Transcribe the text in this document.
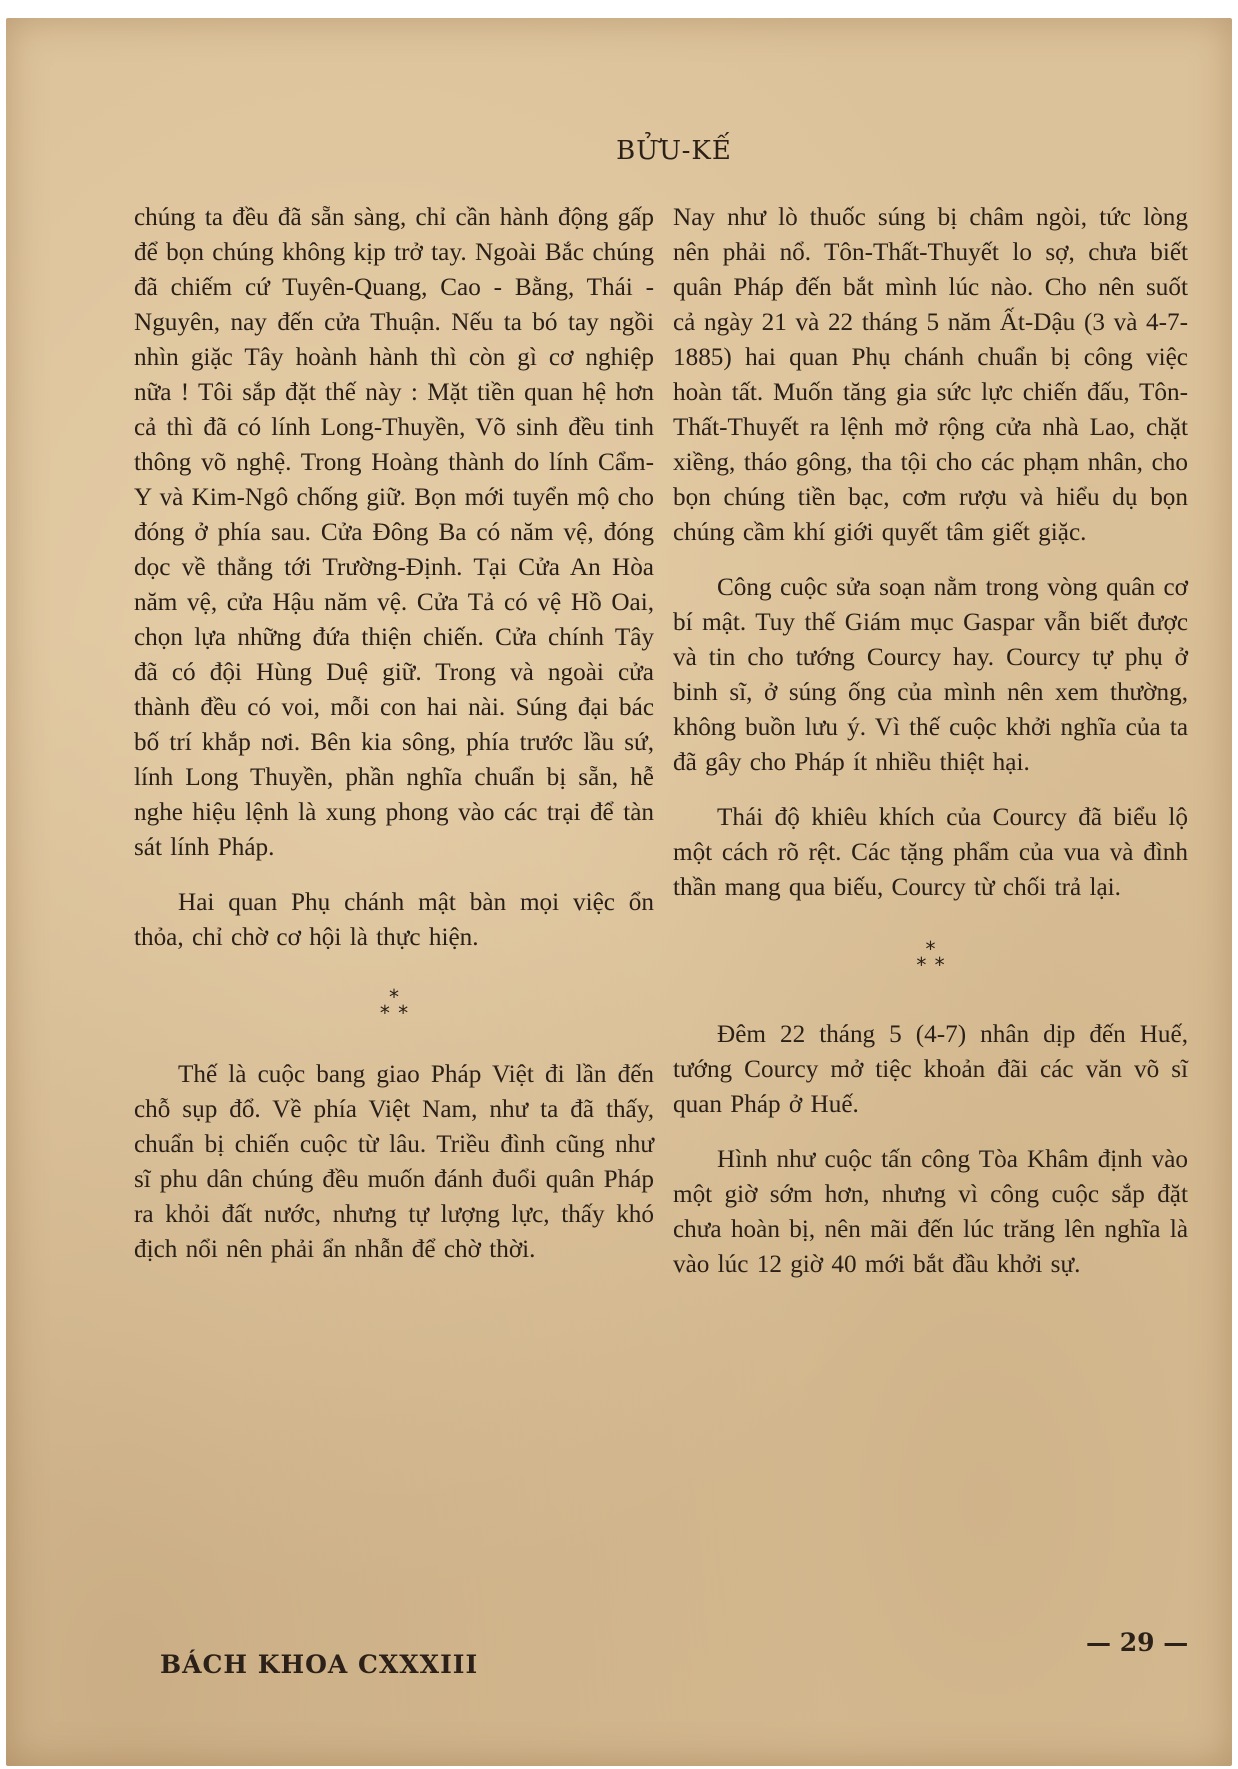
BỬU-KẾ

chúng ta đều đã sẵn sàng, chỉ cần hành động gấp để bọn chúng không kịp trở tay. Ngoài Bắc chúng đã chiếm cứ Tuyên-Quang, Cao - Bằng, Thái - Nguyên, nay đến cửa Thuận. Nếu ta bó tay ngồi nhìn giặc Tây hoành hành thì còn gì cơ nghiệp nữa ! Tôi sắp đặt thế này : Mặt tiền quan hệ hơn cả thì đã có lính Long-Thuyền, Võ sinh đều tinh thông võ nghệ. Trong Hoàng thành do lính Cẩm-Y và Kim-Ngô chống giữ. Bọn mới tuyển mộ cho đóng ở phía sau. Cửa Đông Ba có năm vệ, đóng dọc về thẳng tới Trường-Định. Tại Cửa An Hòa năm vệ, cửa Hậu năm vệ. Cửa Tả có vệ Hồ Oai, chọn lựa những đứa thiện chiến. Cửa chính Tây đã có đội Hùng Duệ giữ. Trong và ngoài cửa thành đều có voi, mỗi con hai nài. Súng đại bác bố trí khắp nơi. Bên kia sông, phía trước lầu sứ, lính Long Thuyền, phần nghĩa chuẩn bị sẵn, hễ nghe hiệu lệnh là xung phong vào các trại để tàn sát lính Pháp.

Hai quan Phụ chánh mật bàn mọi việc ổn thỏa, chỉ chờ cơ hội là thực hiện.

*
* *

Thế là cuộc bang giao Pháp Việt đi lần đến chỗ sụp đổ. Về phía Việt Nam, như ta đã thấy, chuẩn bị chiến cuộc từ lâu. Triều đình cũng như sĩ phu dân chúng đều muốn đánh đuổi quân Pháp ra khỏi đất nước, nhưng tự lượng lực, thấy khó địch nổi nên phải ẩn nhẫn để chờ thời.

Nay như lò thuốc súng bị châm ngòi, tức lòng nên phải nổ. Tôn-Thất-Thuyết lo sợ, chưa biết quân Pháp đến bắt mình lúc nào. Cho nên suốt cả ngày 21 và 22 tháng 5 năm Ất-Dậu (3 và 4-7-1885) hai quan Phụ chánh chuẩn bị công việc hoàn tất. Muốn tăng gia sức lực chiến đấu, Tôn-Thất-Thuyết ra lệnh mở rộng cửa nhà Lao, chặt xiềng, tháo gông, tha tội cho các phạm nhân, cho bọn chúng tiền bạc, cơm rượu và hiểu dụ bọn chúng cầm khí giới quyết tâm giết giặc.

Công cuộc sửa soạn nằm trong vòng quân cơ bí mật. Tuy thế Giám mục Gaspar vẫn biết được và tin cho tướng Courcy hay. Courcy tự phụ ở binh sĩ, ở súng ống của mình nên xem thường, không buồn lưu ý. Vì thế cuộc khởi nghĩa của ta đã gây cho Pháp ít nhiều thiệt hại.

Thái độ khiêu khích của Courcy đã biểu lộ một cách rõ rệt. Các tặng phẩm của vua và đình thần mang qua biếu, Courcy từ chối trả lại.

*
* *

Đêm 22 tháng 5 (4-7) nhân dịp đến Huế, tướng Courcy mở tiệc khoản đãi các văn võ sĩ quan Pháp ở Huế.

Hình như cuộc tấn công Tòa Khâm định vào một giờ sớm hơn, nhưng vì công cuộc sắp đặt chưa hoàn bị, nên mãi đến lúc trăng lên nghĩa là vào lúc 12 giờ 40 mới bắt đầu khởi sự.

BÁCH KHOA CXXXIII
— 29 —
